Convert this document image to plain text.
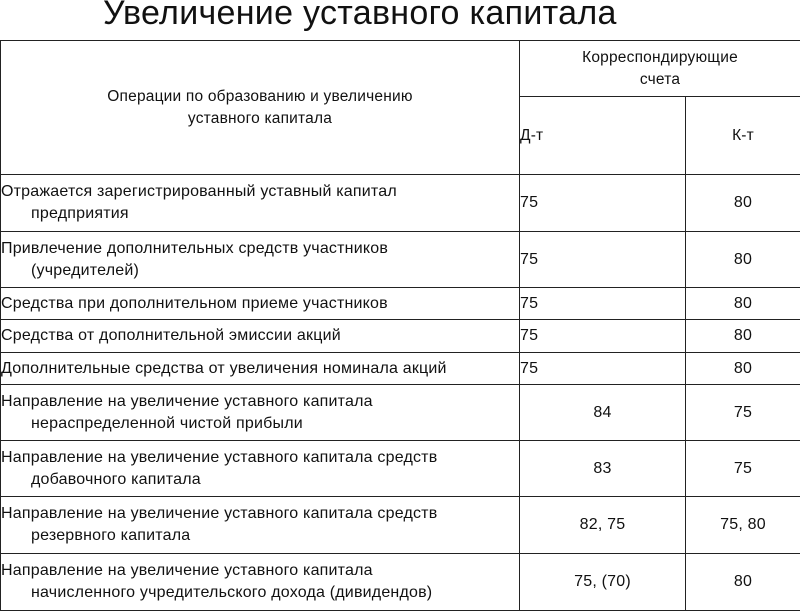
Увеличение уставного капитала
Операции по образованию и увеличению
уставного капитала	Корреспондирующие
счета	
	Д-т	К-т
Отражается зарегистрированный уставный капитал
предприятия	75	80
Привлечение дополнительных средств участников
(учредителей)	75	80
Средства при дополнительном приеме участников	75	80
Средства от дополнительной эмиссии акций	75	80
Дополнительные средства от увеличения номинала акций	75	80
Направление на увеличение уставного капитала
нераспределенной чистой прибыли	84	75
Направление на увеличение уставного капитала средств
добавочного капитала	83	75
Направление на увеличение уставного капитала средств
резервного капитала	82, 75	75, 80
Направление на увеличение уставного капитала
начисленного учредительского дохода (дивидендов)	75, (70)	80
